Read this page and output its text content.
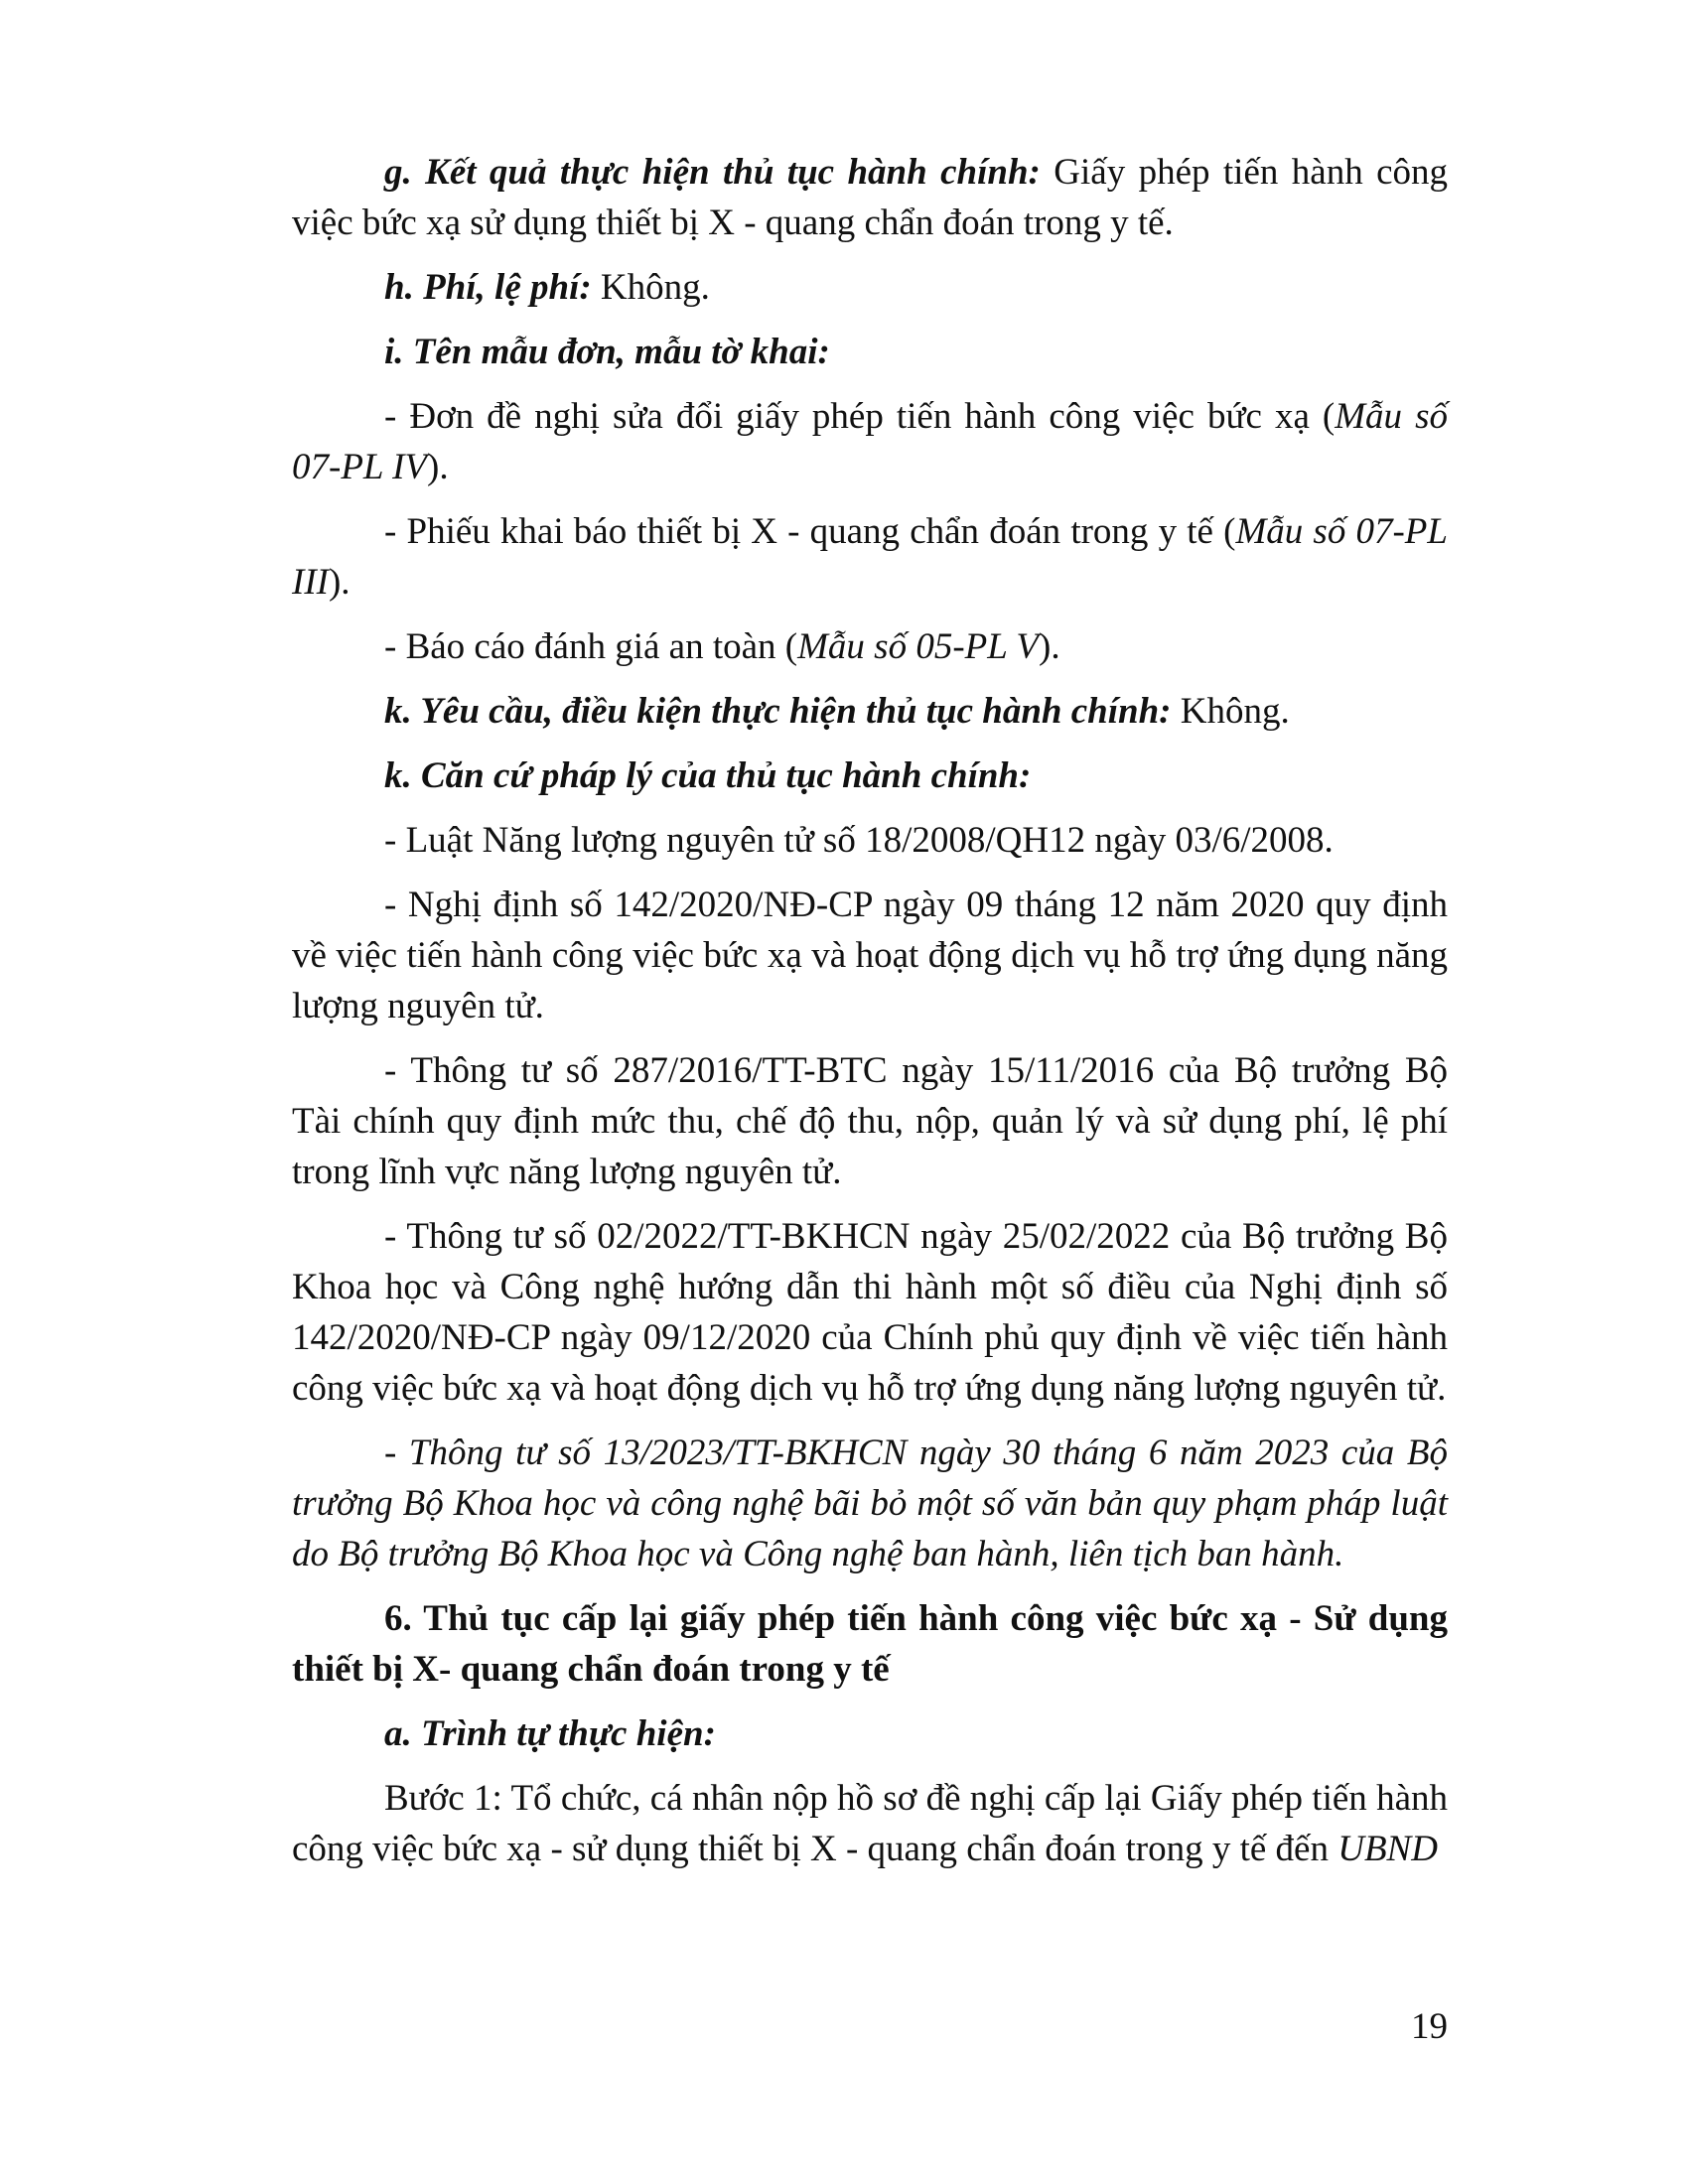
g. Kết quả thực hiện thủ tục hành chính: Giấy phép tiến hành công việc bức xạ sử dụng thiết bị X - quang chẩn đoán trong y tế.

h. Phí, lệ phí: Không.

i. Tên mẫu đơn, mẫu tờ khai:

- Đơn đề nghị sửa đổi giấy phép tiến hành công việc bức xạ (Mẫu số 07-PL IV).

- Phiếu khai báo thiết bị X - quang chẩn đoán trong y tế (Mẫu số 07-PL III).

- Báo cáo đánh giá an toàn (Mẫu số 05-PL V).

k. Yêu cầu, điều kiện thực hiện thủ tục hành chính: Không.

k. Căn cứ pháp lý của thủ tục hành chính:

- Luật Năng lượng nguyên tử số 18/2008/QH12 ngày 03/6/2008.

- Nghị định số 142/2020/NĐ-CP ngày 09 tháng 12 năm 2020 quy định về việc tiến hành công việc bức xạ và hoạt động dịch vụ hỗ trợ ứng dụng năng lượng nguyên tử.

- Thông tư số 287/2016/TT-BTC ngày 15/11/2016 của Bộ trưởng Bộ Tài chính quy định mức thu, chế độ thu, nộp, quản lý và sử dụng phí, lệ phí trong lĩnh vực năng lượng nguyên tử.

- Thông tư số 02/2022/TT-BKHCN ngày 25/02/2022 của Bộ trưởng Bộ Khoa học và Công nghệ hướng dẫn thi hành một số điều của Nghị định số 142/2020/NĐ-CP ngày 09/12/2020 của Chính phủ quy định về việc tiến hành công việc bức xạ và hoạt động dịch vụ hỗ trợ ứng dụng năng lượng nguyên tử.

- Thông tư số 13/2023/TT-BKHCN ngày 30 tháng 6 năm 2023 của Bộ trưởng Bộ Khoa học và công nghệ bãi bỏ một số văn bản quy phạm pháp luật do Bộ trưởng Bộ Khoa học và Công nghệ ban hành, liên tịch ban hành.

6. Thủ tục cấp lại giấy phép tiến hành công việc bức xạ - Sử dụng thiết bị X- quang chẩn đoán trong y tế

a. Trình tự thực hiện:

Bước 1: Tổ chức, cá nhân nộp hồ sơ đề nghị cấp lại Giấy phép tiến hành công việc bức xạ - sử dụng thiết bị X - quang chẩn đoán trong y tế đến UBND

19
